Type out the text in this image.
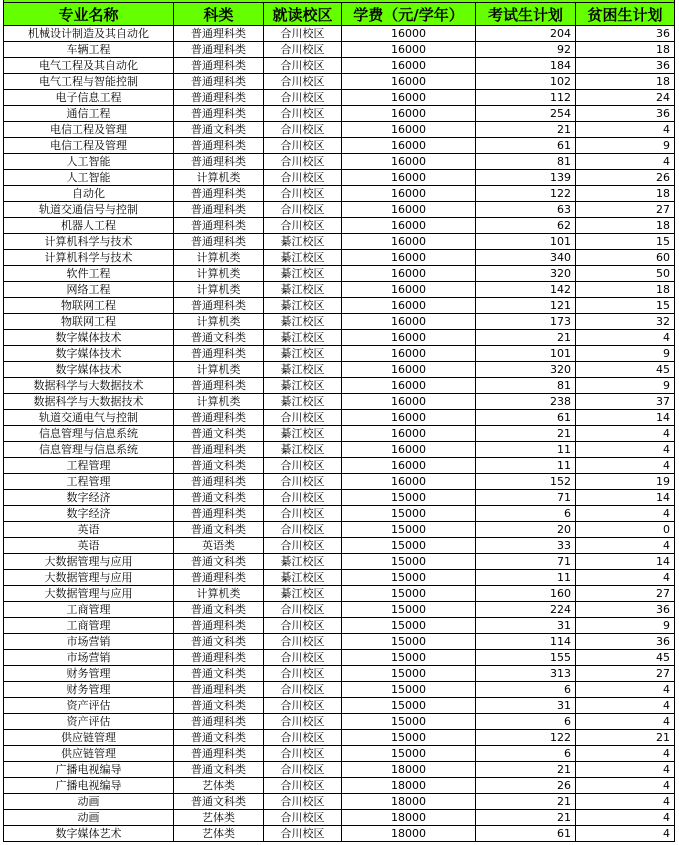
专业名称	科类	就读校区	学费（元/学年）	考试生计划	贫困生计划
机械设计制造及其自动化	普通理科类	合川校区	16000	204	36
车辆工程	普通理科类	合川校区	16000	92	18
电气工程及其自动化	普通理科类	合川校区	16000	184	36
电气工程与智能控制	普通理科类	合川校区	16000	102	18
电子信息工程	普通理科类	合川校区	16000	112	24
通信工程	普通理科类	合川校区	16000	254	36
电信工程及管理	普通文科类	合川校区	16000	21	4
电信工程及管理	普通理科类	合川校区	16000	61	9
人工智能	普通理科类	合川校区	16000	81	4
人工智能	计算机类	合川校区	16000	139	26
自动化	普通理科类	合川校区	16000	122	18
轨道交通信号与控制	普通理科类	合川校区	16000	63	27
机器人工程	普通理科类	合川校区	16000	62	18
计算机科学与技术	普通理科类	綦江校区	16000	101	15
计算机科学与技术	计算机类	綦江校区	16000	340	60
软件工程	计算机类	綦江校区	16000	320	50
网络工程	计算机类	綦江校区	16000	142	18
物联网工程	普通理科类	綦江校区	16000	121	15
物联网工程	计算机类	綦江校区	16000	173	32
数字媒体技术	普通文科类	綦江校区	16000	21	4
数字媒体技术	普通理科类	綦江校区	16000	101	9
数字媒体技术	计算机类	綦江校区	16000	320	45
数据科学与大数据技术	普通理科类	綦江校区	16000	81	9
数据科学与大数据技术	计算机类	綦江校区	16000	238	37
轨道交通电气与控制	普通理科类	合川校区	16000	61	14
信息管理与信息系统	普通文科类	綦江校区	16000	21	4
信息管理与信息系统	普通理科类	綦江校区	16000	11	4
工程管理	普通文科类	合川校区	16000	11	4
工程管理	普通理科类	合川校区	16000	152	19
数字经济	普通文科类	合川校区	15000	71	14
数字经济	普通理科类	合川校区	15000	6	4
英语	普通文科类	合川校区	15000	20	0
英语	英语类	合川校区	15000	33	4
大数据管理与应用	普通文科类	綦江校区	15000	71	14
大数据管理与应用	普通理科类	綦江校区	15000	11	4
大数据管理与应用	计算机类	綦江校区	15000	160	27
工商管理	普通文科类	合川校区	15000	224	36
工商管理	普通理科类	合川校区	15000	31	9
市场营销	普通文科类	合川校区	15000	114	36
市场营销	普通理科类	合川校区	15000	155	45
财务管理	普通文科类	合川校区	15000	313	27
财务管理	普通理科类	合川校区	15000	6	4
资产评估	普通文科类	合川校区	15000	31	4
资产评估	普通理科类	合川校区	15000	6	4
供应链管理	普通文科类	合川校区	15000	122	21
供应链管理	普通理科类	合川校区	15000	6	4
广播电视编导	普通文科类	合川校区	18000	21	4
广播电视编导	艺体类	合川校区	18000	26	4
动画	普通文科类	合川校区	18000	21	4
动画	艺体类	合川校区	18000	21	4
数字媒体艺术	艺体类	合川校区	18000	61	4
